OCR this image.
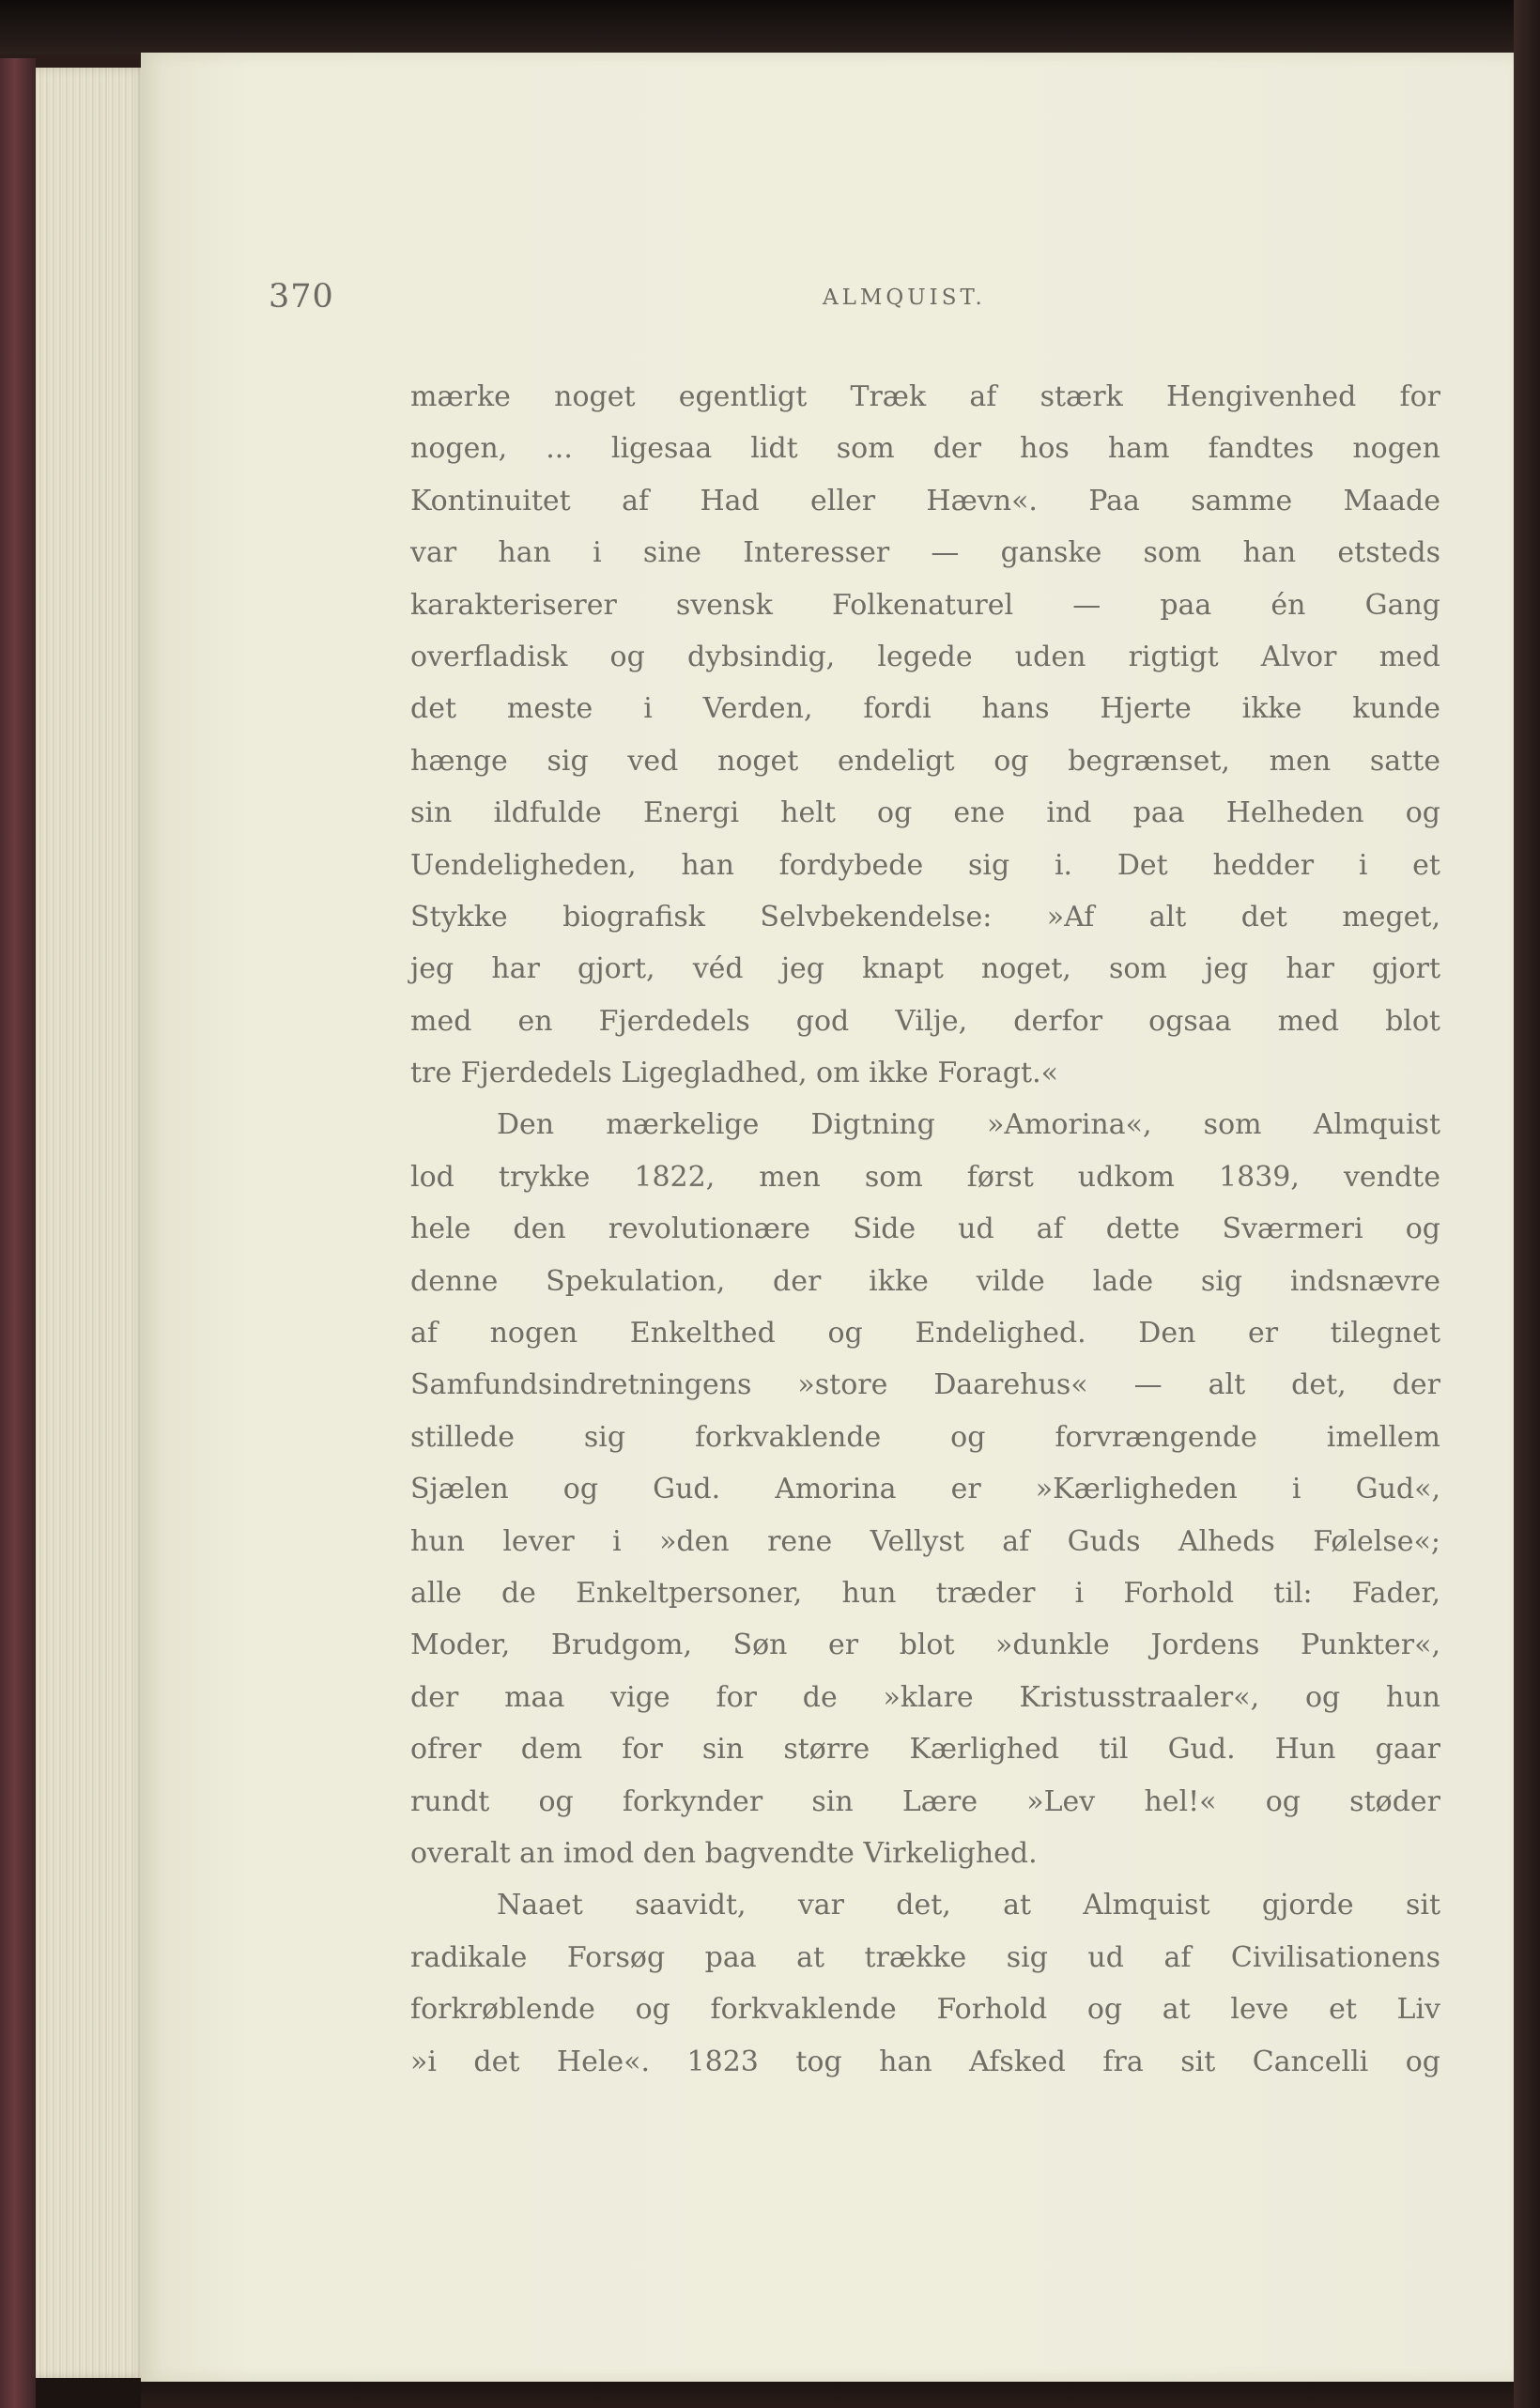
370	ALMQUIST.
mærke noget egentligt Træk af stærk Hengivenhed for
nogen, ... ligesaa lidt som der hos ham fandtes nogen
Kontinuitet af Had eller Hævn«. Paa samme Maade
var han i sine Interesser — ganske som han etsteds
karakteriserer svensk Folkenaturel — paa én Gang
overfladisk og dybsindig, legede uden rigtigt Alvor med
det meste i Verden, fordi hans Hjerte ikke kunde
hænge sig ved noget endeligt og begrænset, men satte
sin ildfulde Energi helt og ene ind paa Helheden og
Uendeligheden, han fordybede sig i. Det hedder i et
Stykke biografisk Selvbekendelse: »Af alt det meget,
jeg har gjort, véd jeg knapt noget, som jeg har gjort
med en Fjerdedels god Vilje, derfor ogsaa med blot
tre Fjerdedels Ligegladhed, om ikke Foragt.«
Den mærkelige Digtning »Amorina«, som Almquist
lod trykke 1822, men som først udkom 1839, vendte
hele den revolutionære Side ud af dette Sværmeri og
denne Spekulation, der ikke vilde lade sig indsnævre
af nogen Enkelthed og Endelighed. Den er tilegnet
Samfundsindretningens »store Daarehus« — alt det, der
stillede sig forkvaklende og forvrængende imellem
Sjælen og Gud. Amorina er »Kærligheden i Gud«,
hun lever i »den rene Vellyst af Guds Alheds Følelse«;
alle de Enkeltpersoner, hun træder i Forhold til: Fader,
Moder, Brudgom, Søn er blot »dunkle Jordens Punkter«,
der maa vige for de »klare Kristusstraaler«, og hun
ofrer dem for sin større Kærlighed til Gud. Hun gaar
rundt og forkynder sin Lære »Lev hel!« og støder
overalt an imod den bagvendte Virkelighed.
Naaet saavidt, var det, at Almquist gjorde sit
radikale Forsøg paa at trække sig ud af Civilisationens
forkrøblende og forkvaklende Forhold og at leve et Liv
»i det Hele«. 1823 tog han Afsked fra sit Cancelli og
